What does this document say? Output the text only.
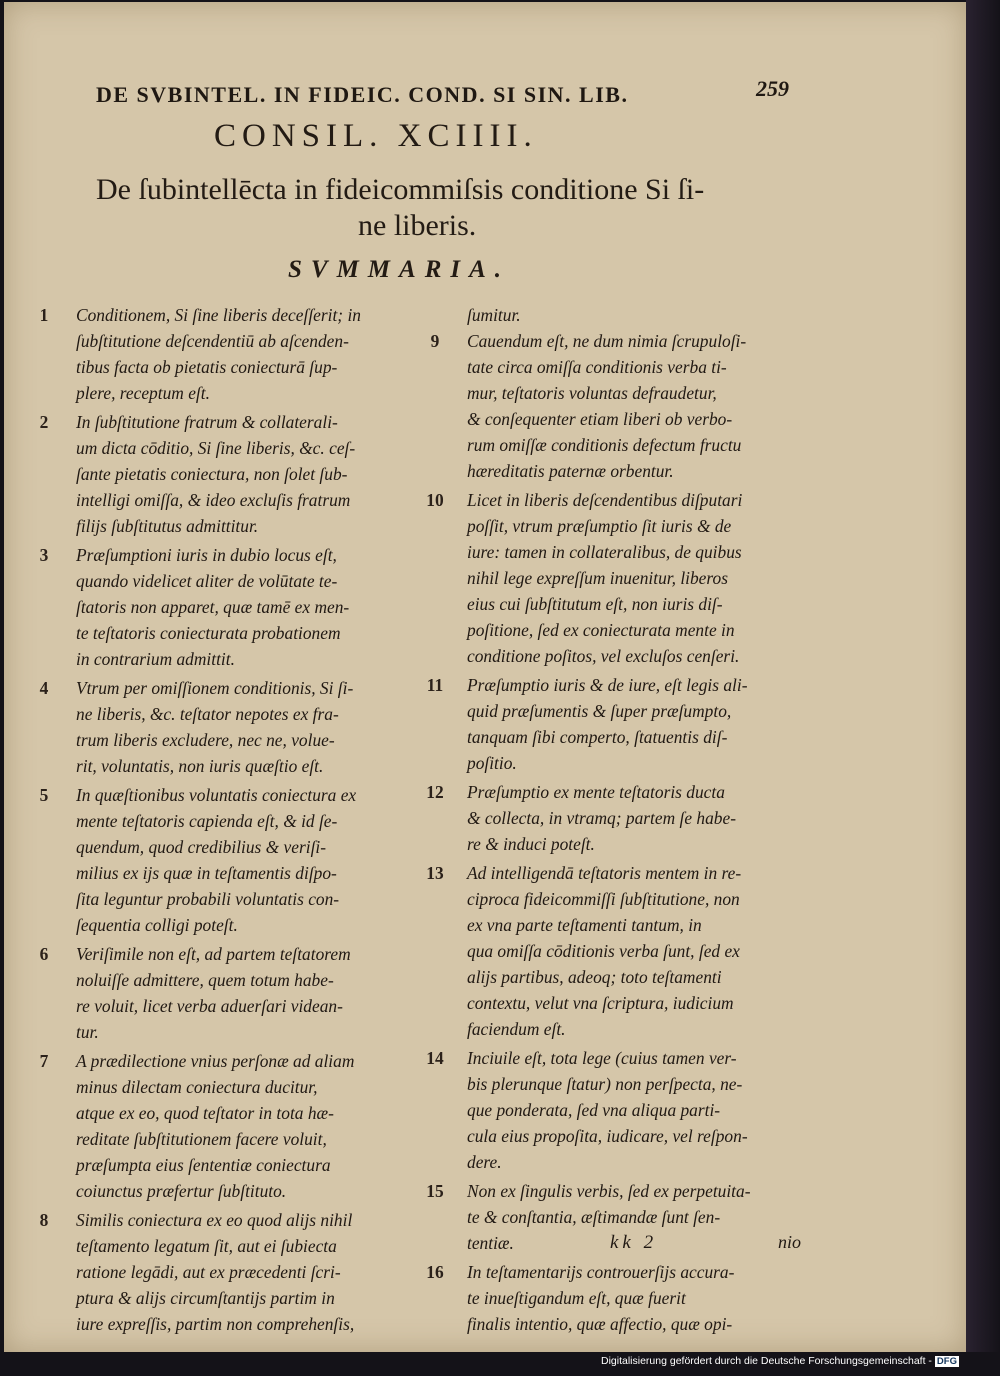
DE SVBINTEL. IN FIDEIC. COND. SI SIN. LIB.	259
CONSIL. XCIIII.
De ſubintellēcta in fideicommiſsis conditione Si ſi-
ne liberis.
SVMMARIA.
1	Conditionem, Si ſine liberis deceſſerit; in
ſubſtitutione deſcendentiū ab aſcenden-
tibus facta ob pietatis coniecturā ſup-
plere, receptum eſt.
2	In ſubſtitutione fratrum & collaterali-
um dicta cōditio, Si ſine liberis, &c. ceſ-
ſante pietatis coniectura, non ſolet ſub-
intelligi omiſſa, & ideo excluſis fratrum
filijs ſubſtitutus admittitur.
3	Præſumptioni iuris in dubio locus eſt,
quando videlicet aliter de volūtate te-
ſtatoris non apparet, quæ tamē ex men-
te teſtatoris coniecturata probationem
in contrarium admittit.
4	Vtrum per omiſſionem conditionis, Si ſi-
ne liberis, &c. teſtator nepotes ex fra-
trum liberis excludere, nec ne, volue-
rit, voluntatis, non iuris quæſtio eſt.
5	In quæſtionibus voluntatis coniectura ex
mente teſtatoris capienda eſt, & id ſe-
quendum, quod credibilius & veriſi-
milius ex ijs quæ in teſtamentis diſpo-
ſita leguntur probabili voluntatis con-
ſequentia colligi poteſt.
6	Veriſimile non eſt, ad partem teſtatorem
noluiſſe admittere, quem totum habe-
re voluit, licet verba aduerſari videan-
tur.
7	A prædilectione vnius perſonæ ad aliam
minus dilectam coniectura ducitur,
atque ex eo, quod teſtator in tota hæ-
reditate ſubſtitutionem facere voluit,
præſumpta eius ſententiæ coniectura
coiunctus præfertur ſubſtituto.
8	Similis coniectura ex eo quod alijs nihil
teſtamento legatum ſit, aut ei ſubiecta
ratione legādi, aut ex præcedenti ſcri-
ptura & alijs circumſtantijs partim in
iure expreſſis, partim non comprehenſis,
ſumitur.
9	Cauendum eſt, ne dum nimia ſcrupuloſi-
tate circa omiſſa conditionis verba ti-
mur, teſtatoris voluntas defraudetur,
& conſequenter etiam liberi ob verbo-
rum omiſſæ conditionis defectum fructu
hæreditatis paternæ orbentur.
10	Licet in liberis deſcendentibus diſputari
poſſit, vtrum præſumptio ſit iuris & de
iure: tamen in collateralibus, de quibus
nihil lege expreſſum inuenitur, liberos
eius cui ſubſtitutum eſt, non iuris diſ-
poſitione, ſed ex coniecturata mente in
conditione poſitos, vel excluſos cenſeri.
11	Præſumptio iuris & de iure, eſt legis ali-
quid præſumentis & ſuper præſumpto,
tanquam ſibi comperto, ſtatuentis diſ-
poſitio.
12	Præſumptio ex mente teſtatoris ducta
& collecta, in vtramq; partem ſe habe-
re & induci poteſt.
13	Ad intelligendā teſtatoris mentem in re-
ciproca fideicommiſſi ſubſtitutione, non
ex vna parte teſtamenti tantum, in
qua omiſſa cōditionis verba ſunt, ſed ex
alijs partibus, adeoq; toto teſtamenti
contextu, velut vna ſcriptura, iudicium
faciendum eſt.
14	Inciuile eſt, tota lege (cuius tamen ver-
bis plerunque ſtatur) non perſpecta, ne-
que ponderata, ſed vna aliqua parti-
cula eius propoſita, iudicare, vel reſpon-
dere.
15	Non ex ſingulis verbis, ſed ex perpetuita-
te & conſtantia, æſtimandæ ſunt ſen-
tentiæ.
16	In teſtamentarijs controuerſijs accura-
te inueſtigandum eſt, quæ fuerit
finalis intentio, quæ affectio, quæ opi-
kk 2	nio
Digitalisierung gefördert durch die Deutsche Forschungsgemeinschaft - DFG
